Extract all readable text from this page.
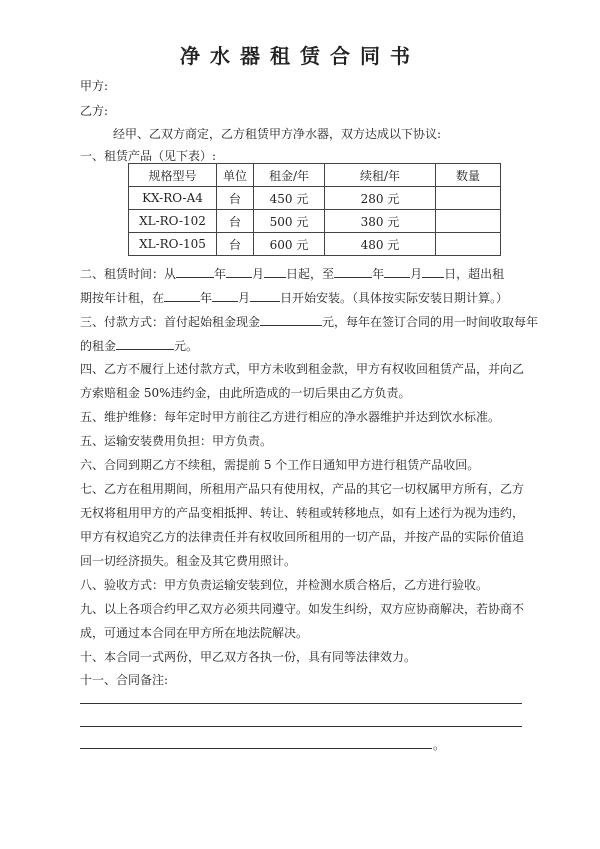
净水器租赁合同书
甲方:
乙方:
经甲、乙双方商定，乙方租赁甲方净水器，双方达成以下协议:
一、租赁产品（见下表）:
规格型号	单位	租金/年	续租/年	数量
KX-RO-A4	台	450 元	280 元	
XL-RO-102	台	500 元	380 元	
XL-RO-105	台	600 元	480 元	
二、租赁时间：从	年 月 日起，至	年 月 日，超出租
期按年计租，在	年 月	日开始安装。（具体按实际安装日期计算。）
三、付款方式：首付起始租金现金	元，每年在签订合同的用一时间收取每年
的租金	元。
四、乙方不履行上述付款方式，甲方未收到租金款，甲方有权收回租赁产品，并向乙
方索赔租金 50%违约金，由此所造成的一切后果由乙方负责。
五、维护维修：每年定时甲方前往乙方进行相应的净水器维护并达到饮水标准。
五、运输安装费用负担：甲方负责。
六、合同到期乙方不续租，需提前 5 个工作日通知甲方进行租赁产品收回。
七、乙方在租用期间，所租用产品只有使用权，产品的其它一切权属甲方所有，乙方
无权将租用甲方的产品变相抵押、转让、转租或转移地点，如有上述行为视为违约，
甲方有权追究乙方的法律责任并有权收回所租用的一切产品，并按产品的实际价值追
回一切经济损失。租金及其它费用照计。
八、验收方式：甲方负责运输安装到位，并检测水质合格后，乙方进行验收。
九、以上各项合约甲乙双方必须共同遵守。如发生纠纷，双方应协商解决，若协商不
成，可通过本合同在甲方所在地法院解决。
十、本合同一式两份，甲乙双方各执一份，具有同等法律效力。
十一、合同备注:
。
